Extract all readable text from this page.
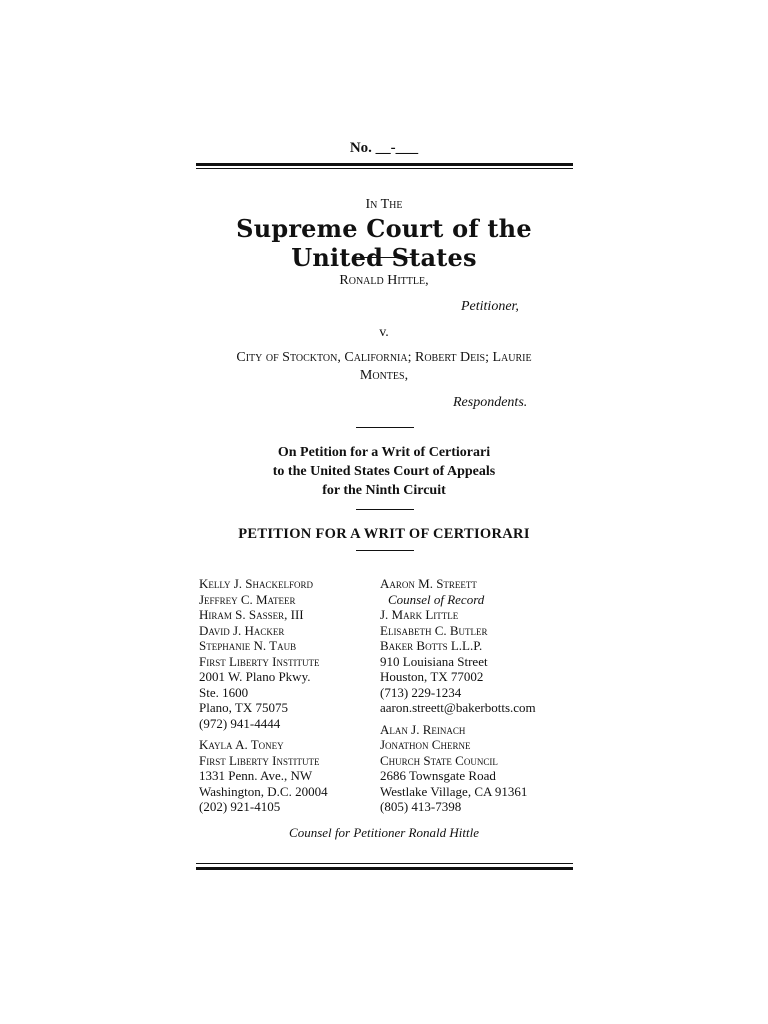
No. __-___
In The
Supreme Court of the United States
Ronald Hittle,
Petitioner,
v.
City of Stockton, California; Robert Deis; Laurie
Montes,
Respondents.
On Petition for a Writ of Certiorari
to the United States Court of Appeals
for the Ninth Circuit
PETITION FOR A WRIT OF CERTIORARI
Kelly J. Shackelford
Jeffrey C. Mateer
Hiram S. Sasser, III
David J. Hacker
Stephanie N. Taub
First Liberty Institute
2001 W. Plano Pkwy.
Ste. 1600
Plano, TX 75075
(972) 941-4444
Kayla A. Toney
First Liberty Institute
1331 Penn. Ave., NW
Washington, D.C. 20004
(202) 921-4105
Aaron M. Streett
Counsel of Record
J. Mark Little
Elisabeth C. Butler
Baker Botts L.L.P.
910 Louisiana Street
Houston, TX 77002
(713) 229-1234
aaron.streett@bakerbotts.com
Alan J. Reinach
Jonathon Cherne
Church State Council
2686 Townsgate Road
Westlake Village, CA 91361
(805) 413-7398
Counsel for Petitioner Ronald Hittle
